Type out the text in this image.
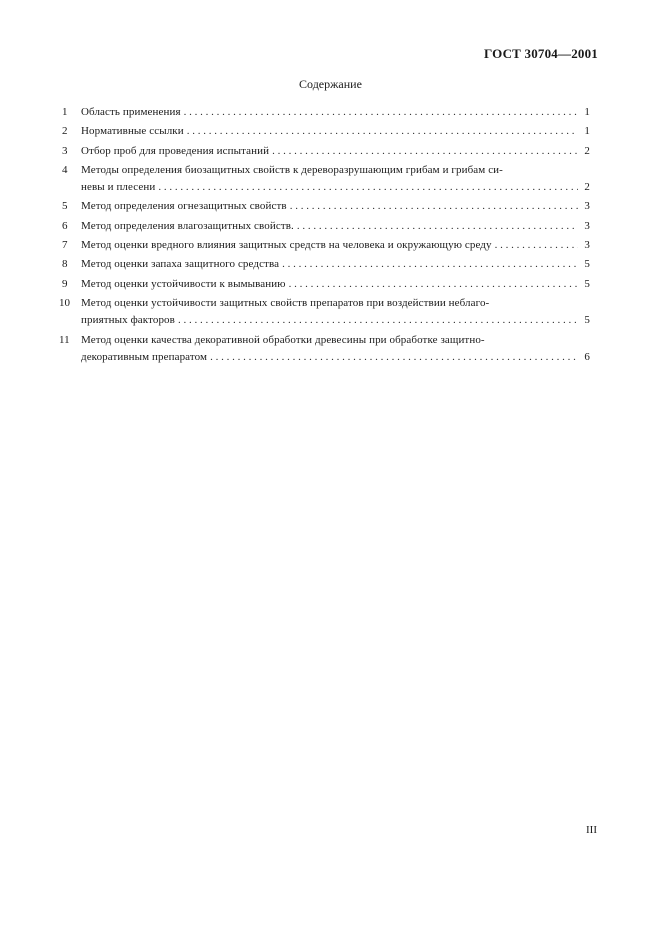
ГОСТ 30704—2001
Содержание
1 Область применения . . .	1
2 Нормативные ссылки . . .	1
3 Отбор проб для проведения испытаний . . .	2
4 Методы определения биозащитных свойств к дереворазрушающим грибам и грибам си-
невы и плесени . . .	2
5 Метод определения огнезащитных свойств . . .	3
6 Метод определения влагозащитных свойств. . . .	3
7 Метод оценки вредного влияния защитных средств на человека и окружающую среду . . .	3
8 Метод оценки запаха защитного средства . . .	5
9 Метод оценки устойчивости к вымыванию . . .	5
10 Метод оценки устойчивости защитных свойств препаратов при воздействии неблаго-
приятных факторов . . .	5
11 Метод оценки качества декоративной обработки древесины при обработке защитно-
декоративным препаратом . . .	6
III
